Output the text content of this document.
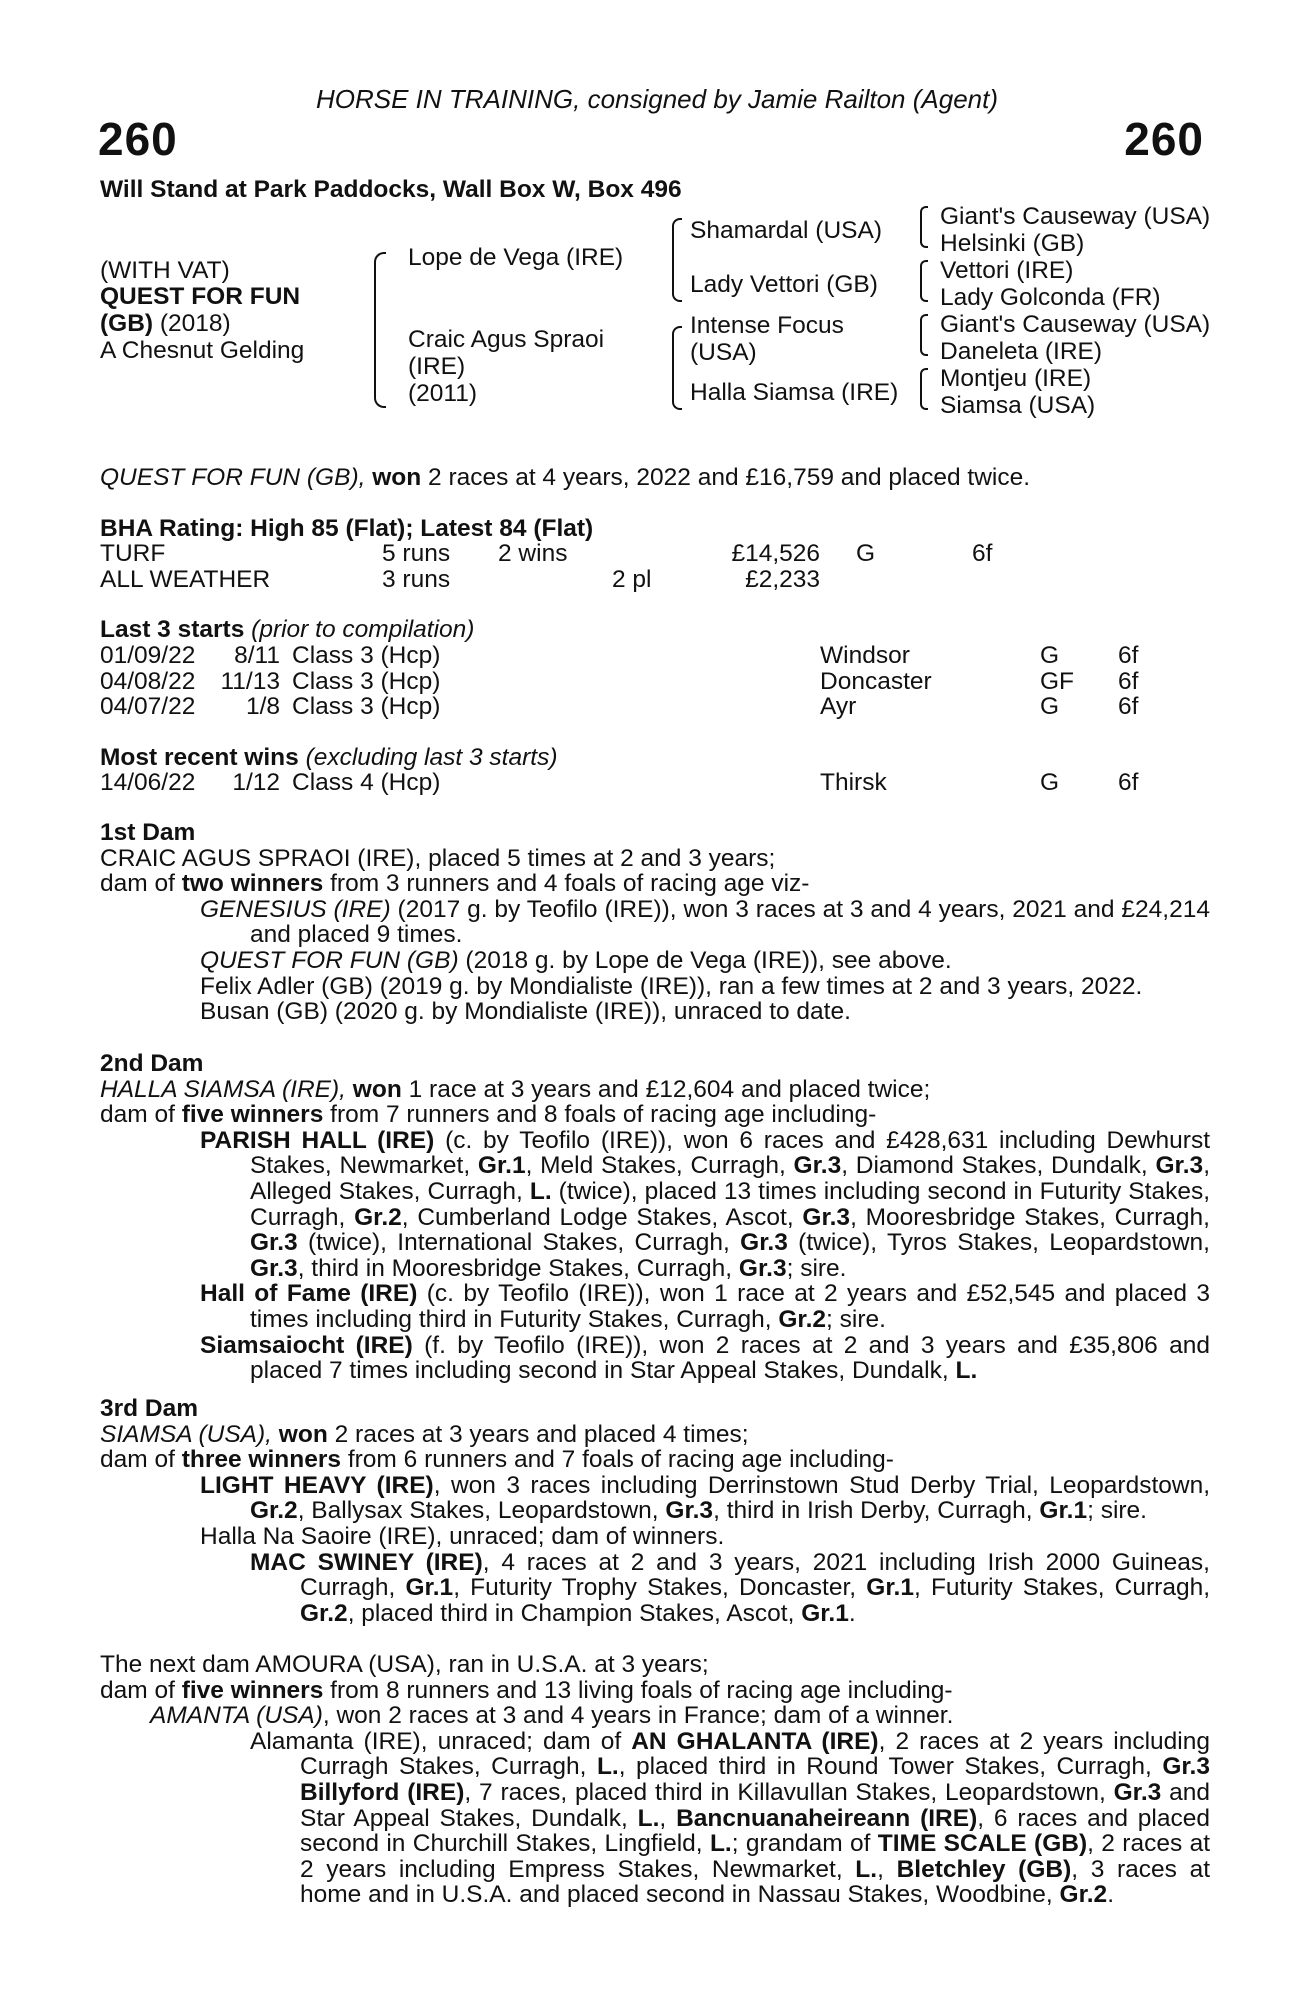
HORSE IN TRAINING, consigned by Jamie Railton (Agent)
260	260
Will Stand at Park Paddocks, Wall Box W, Box 496
(WITH VAT)
QUEST FOR FUN
(GB) (2018)
A Chesnut Gelding
Lope de Vega (IRE)
Craic Agus Spraoi
(IRE)
(2011)
Shamardal (USA)
Lady Vettori (GB)
Intense Focus
(USA)
Halla Siamsa (IRE)
Giant's Causeway (USA)
Helsinki (GB)
Vettori (IRE)
Lady Golconda (FR)
Giant's Causeway (USA)
Daneleta (IRE)
Montjeu (IRE)
Siamsa (USA)
QUEST FOR FUN (GB), won 2 races at 4 years, 2022 and £16,759 and placed twice.
BHA Rating: High 85 (Flat); Latest 84 (Flat)
TURF	5 runs 2 wins	£14,526 G	6f
ALL WEATHER	3 runs	2 pl	£2,233
Last 3 starts (prior to compilation)
01/09/22 8/11 Class 3 (Hcp)	Windsor	G 6f
04/08/22 11/13 Class 3 (Hcp)	Doncaster	GF 6f
04/07/22 1/8 Class 3 (Hcp)	Ayr	G 6f
Most recent wins (excluding last 3 starts)
14/06/22 1/12 Class 4 (Hcp)	Thirsk	G 6f
1st Dam
CRAIC AGUS SPRAOI (IRE), placed 5 times at 2 and 3 years;
dam of two winners from 3 runners and 4 foals of racing age viz-
GENESIUS (IRE) (2017 g. by Teofilo (IRE)), won 3 races at 3 and 4 years, 2021 and £24,214 and placed 9 times.
QUEST FOR FUN (GB) (2018 g. by Lope de Vega (IRE)), see above.
Felix Adler (GB) (2019 g. by Mondialiste (IRE)), ran a few times at 2 and 3 years, 2022.
Busan (GB) (2020 g. by Mondialiste (IRE)), unraced to date.
2nd Dam
HALLA SIAMSA (IRE), won 1 race at 3 years and £12,604 and placed twice;
dam of five winners from 7 runners and 8 foals of racing age including-
PARISH HALL (IRE) (c. by Teofilo (IRE)), won 6 races and £428,631 including Dewhurst Stakes, Newmarket, Gr.1, Meld Stakes, Curragh, Gr.3, Diamond Stakes, Dundalk, Gr.3, Alleged Stakes, Curragh, L. (twice), placed 13 times including second in Futurity Stakes, Curragh, Gr.2, Cumberland Lodge Stakes, Ascot, Gr.3, Mooresbridge Stakes, Curragh, Gr.3 (twice), International Stakes, Curragh, Gr.3 (twice), Tyros Stakes, Leopardstown, Gr.3, third in Mooresbridge Stakes, Curragh, Gr.3; sire.
Hall of Fame (IRE) (c. by Teofilo (IRE)), won 1 race at 2 years and £52,545 and placed 3 times including third in Futurity Stakes, Curragh, Gr.2; sire.
Siamsaiocht (IRE) (f. by Teofilo (IRE)), won 2 races at 2 and 3 years and £35,806 and placed 7 times including second in Star Appeal Stakes, Dundalk, L.
3rd Dam
SIAMSA (USA), won 2 races at 3 years and placed 4 times;
dam of three winners from 6 runners and 7 foals of racing age including-
LIGHT HEAVY (IRE), won 3 races including Derrinstown Stud Derby Trial, Leopardstown, Gr.2, Ballysax Stakes, Leopardstown, Gr.3, third in Irish Derby, Curragh, Gr.1; sire.
Halla Na Saoire (IRE), unraced; dam of winners.
MAC SWINEY (IRE), 4 races at 2 and 3 years, 2021 including Irish 2000 Guineas, Curragh, Gr.1, Futurity Trophy Stakes, Doncaster, Gr.1, Futurity Stakes, Curragh, Gr.2, placed third in Champion Stakes, Ascot, Gr.1.
The next dam AMOURA (USA), ran in U.S.A. at 3 years;
dam of five winners from 8 runners and 13 living foals of racing age including-
AMANTA (USA), won 2 races at 3 and 4 years in France; dam of a winner.
Alamanta (IRE), unraced; dam of AN GHALANTA (IRE), 2 races at 2 years including Curragh Stakes, Curragh, L., placed third in Round Tower Stakes, Curragh, Gr.3 Billyford (IRE), 7 races, placed third in Killavullan Stakes, Leopardstown, Gr.3 and Star Appeal Stakes, Dundalk, L., Bancnuanaheireann (IRE), 6 races and placed second in Churchill Stakes, Lingfield, L.; grandam of TIME SCALE (GB), 2 races at 2 years including Empress Stakes, Newmarket, L., Bletchley (GB), 3 races at home and in U.S.A. and placed second in Nassau Stakes, Woodbine, Gr.2.
